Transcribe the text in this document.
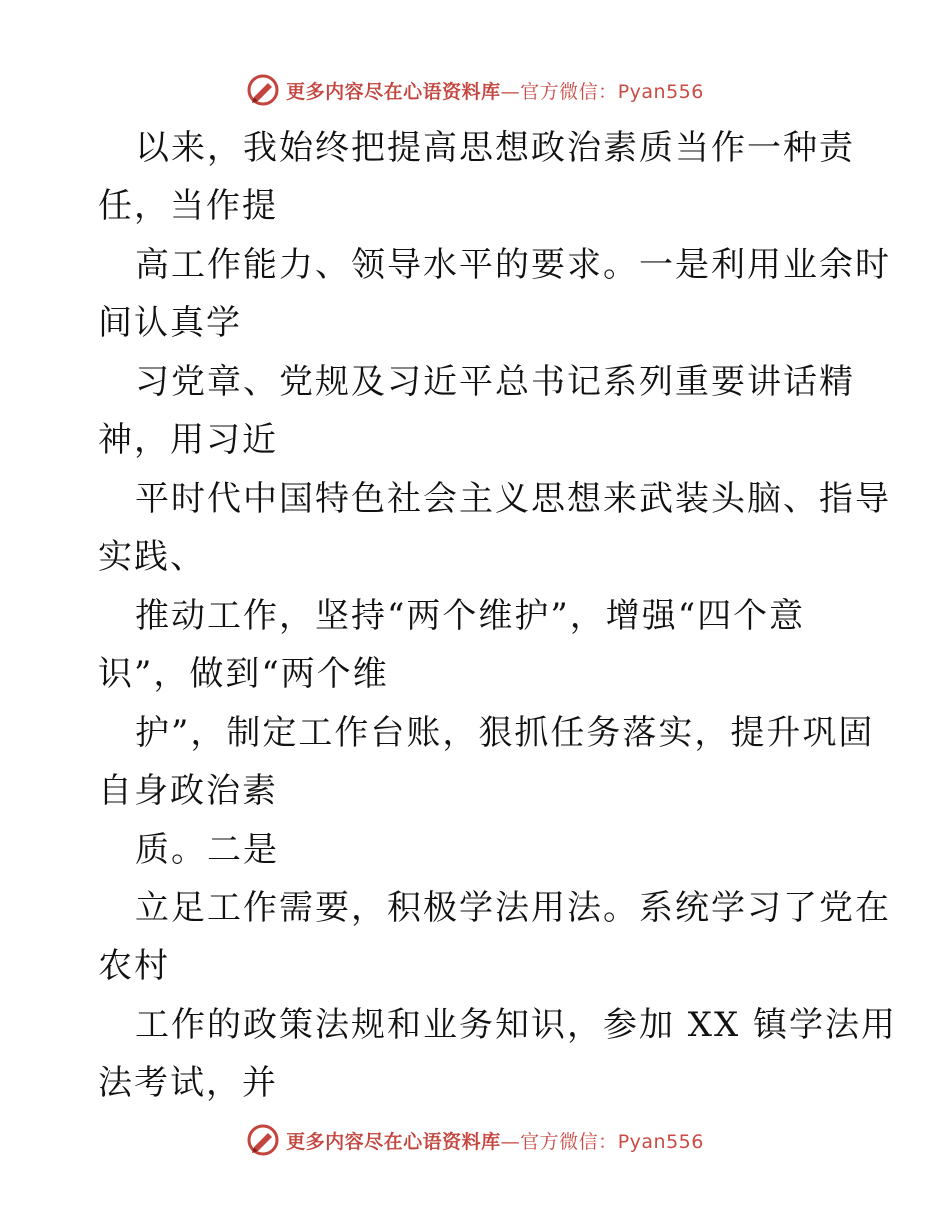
更多内容尽在心语资料库—官方微信：Pyan556
以来，我始终把提高思想政治素质当作一种责
任，当作提
高工作能力、领导水平的要求。一是利用业余时
间认真学
习党章、党规及习近平总书记系列重要讲话精
神，用习近
平时代中国特色社会主义思想来武装头脑、指导
实践、
推动工作，坚持“两个维护”，增强“四个意
识”，做到“两个维
护”，制定工作台账，狠抓任务落实，提升巩固
自身政治素
质。二是
立足工作需要，积极学法用法。系统学习了党在
农村
工作的政策法规和业务知识，参加 XX 镇学法用
法考试，并
更多内容尽在心语资料库—官方微信：Pyan556
